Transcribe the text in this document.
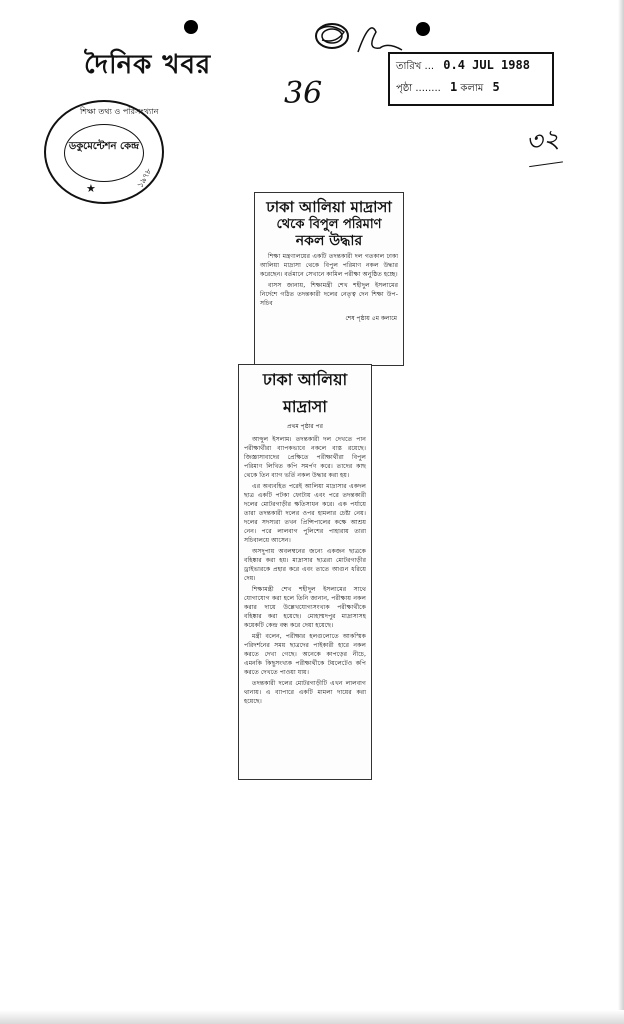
দৈনিক খবর
36
৩২
তারিখ ... 0.4 JUL 1988
পৃষ্ঠা ........ 1 কলাম 5
শিক্ষা তথ্য ও পরিসংখ্যান
ডকুমেন্টেশন কেন্দ্র
১৯৭৮
★
ঢাকা আলিয়া মাদ্রাসা
থেকে বিপুল পরিমাণ
নকল উদ্ধার

শিক্ষা মন্ত্রণালয়ের একটি তদন্তকারী দল গতকাল ঢাকা আলিয়া মাদ্রাসা থেকে বিপুল পরিমাণ নকল উদ্ধার করেছেন। বর্তমানে সেখানে কামিল পরীক্ষা অনুষ্ঠিত হচ্ছে।

বাসস জানায়, শিক্ষামন্ত্রী শেখ শহীদুল ইসলামের নির্দেশে গঠিত তদন্তকারী দলের নেতৃত্ব দেন শিক্ষা উপ-সচিব

শেষ পৃষ্ঠায় ৫ম কলামে
ঢাকা আলিয়া মাদ্রাসা
প্রথম পৃষ্ঠার পর

আব্দুল ইসলাম। তদন্তকারী দল দেখতে পান পরীক্ষার্থীরা ব্যাপকভাবে নকলে ব্যস্ত রয়েছে। জিজ্ঞাসাবাদের প্রেক্ষিতে পরীক্ষার্থীরা বিপুল পরিমাণ লিখিত কপি সমর্পণ করে। তাদের কাছ থেকে তিন ব্যাগ ভর্তি নকল উদ্ধার করা হয়।

এর অব্যবহিত পরেই আলিয়া মাদ্রাসার একদল ছাত্র একটি পটকা ফোটায় এবং পরে তদন্তকারী দলের মোটরগাড়ীর ক্ষতিসাধন করে। এক পর্যায়ে তারা তদন্তকারী দলের ওপর হামলার চেষ্টা নেয়। দলের সদস্যরা তখন প্রিন্সিপালের কক্ষে আশ্রয় নেন। পরে লালবাগ পুলিশের পাহারায় তারা সচিবালয়ে আসেন।

অসদুপায় অবলম্বনের জন্যে একজন ছাত্রকে বহিষ্কার করা হয়। মাদ্রাসার ছাত্ররা মোটরগাড়ীর ড্রাইভারকে প্রহার করে এবং তাতে আগুন ধরিয়ে দেয়।

শিক্ষামন্ত্রী শেখ শহীদুল ইসলামের সাথে যোগাযোগ করা হলে তিনি জানান, পরীক্ষায় নকল করার দায়ে উল্লেখযোগ্যসংখ্যক পরীক্ষার্থীকে বহিষ্কার করা হয়েছে। মোহাম্মদপুর মাদ্রাসাসহ কয়েকটি কেন্দ্র বন্ধ করে দেয়া হয়েছে।

মন্ত্রী বলেন, পরীক্ষার হলগুলোতে আকস্মিক পরিদর্শনের সময় ছাত্রদের পাইকারী হারে নকল করতে দেখা গেছে। অনেকে কাপড়ের নীচে, এমনকি কিছুসংখ্যক পরীক্ষার্থীকে টয়লেটেও কপি করতে দেখতে পাওয়া যায়।

তদন্তকারী দলের মোটরগাড়ীটি এখন লালবাগ থানায়। এ ব্যাপারে একটি মামলা দায়ের করা হয়েছে।
